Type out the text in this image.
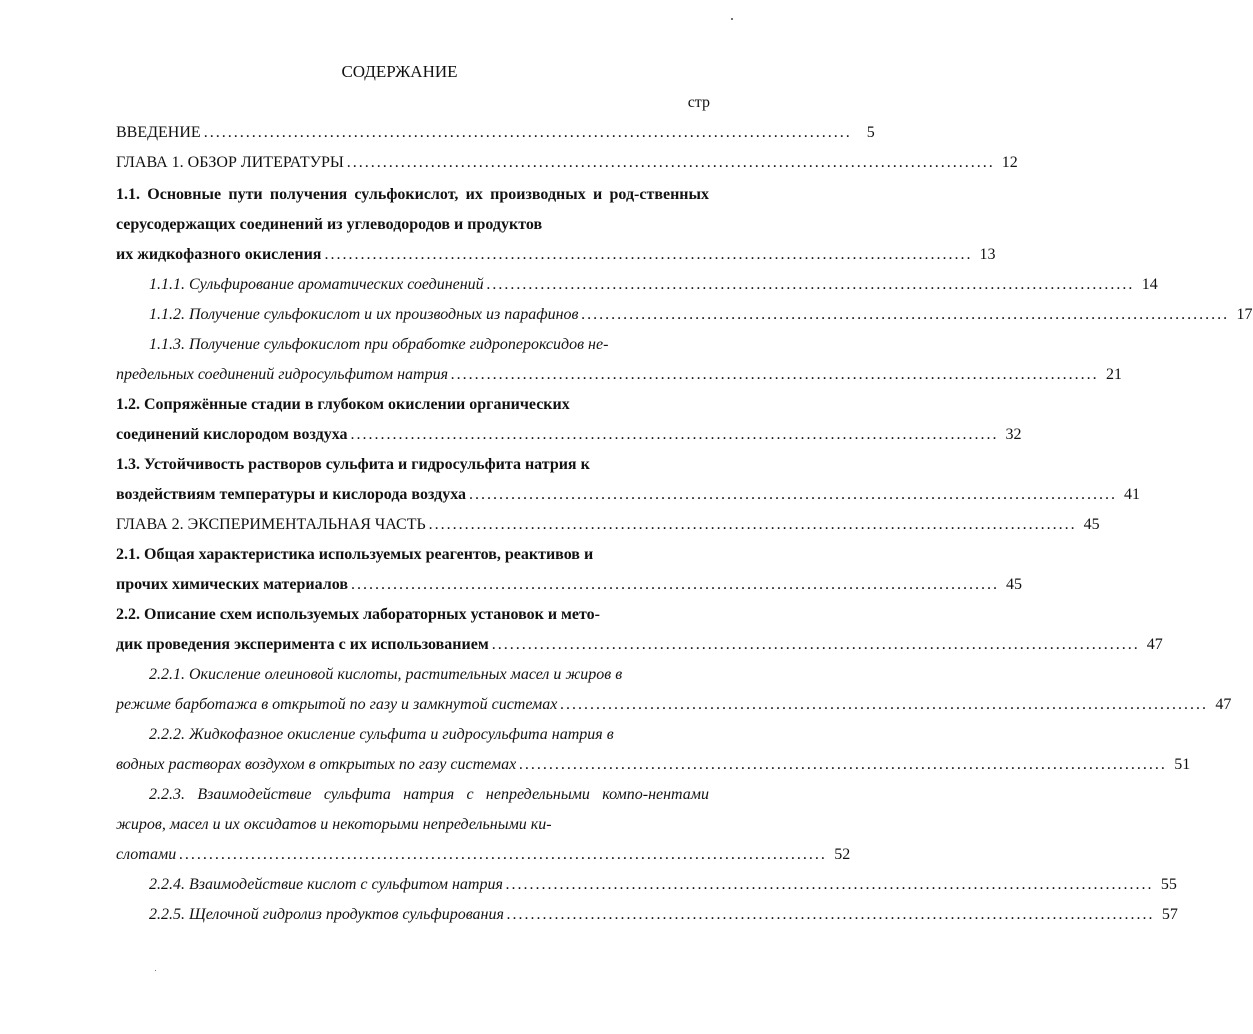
СОДЕРЖАНИЕ
стр
ВВЕДЕНИЕ . . .	5
ГЛАВА 1. ОБЗОР ЛИТЕРАТУРЫ . . .	12
1.1. Основные пути получения сульфокислот, их производных и род-ственных серусодержащих соединений из углеводородов и продуктов
их жидкофазного окисления . . .	13
1.1.1. Сульфирование ароматических соединений . . .	14
1.1.2. Получение сульфокислот и их производных из парафинов . . .	17
1.1.3. Получение сульфокислот при обработке гидропероксидов не-
предельных соединений гидросульфитом натрия . . .	21
1.2. Сопряжённые стадии в глубоком окислении органических
соединений кислородом воздуха . . .	32
1.3. Устойчивость растворов сульфита и гидросульфита натрия к
воздействиям температуры и кислорода воздуха . . .	41
ГЛАВА 2. ЭКСПЕРИМЕНТАЛЬНАЯ ЧАСТЬ . . .	45
2.1. Общая характеристика используемых реагентов, реактивов и
прочих химических материалов . . .	45
2.2. Описание схем используемых лабораторных установок и мето-
дик проведения эксперимента с их использованием . . .	47
2.2.1. Окисление олеиновой кислоты, растительных масел и жиров в
режиме барботажа в открытой по газу и замкнутой системах . . .	47
2.2.2. Жидкофазное окисление сульфита и гидросульфита натрия в
водных растворах воздухом в открытых по газу системах . . .	51
2.2.3. Взаимодействие сульфита натрия с непредельными компо-нентами жиров, масел и их оксидатов и некоторыми непредельными ки-
слотами . . .	52
2.2.4. Взаимодействие кислот с сульфитом натрия . . .	55
2.2.5. Щелочной гидролиз продуктов сульфирования . . .	57
